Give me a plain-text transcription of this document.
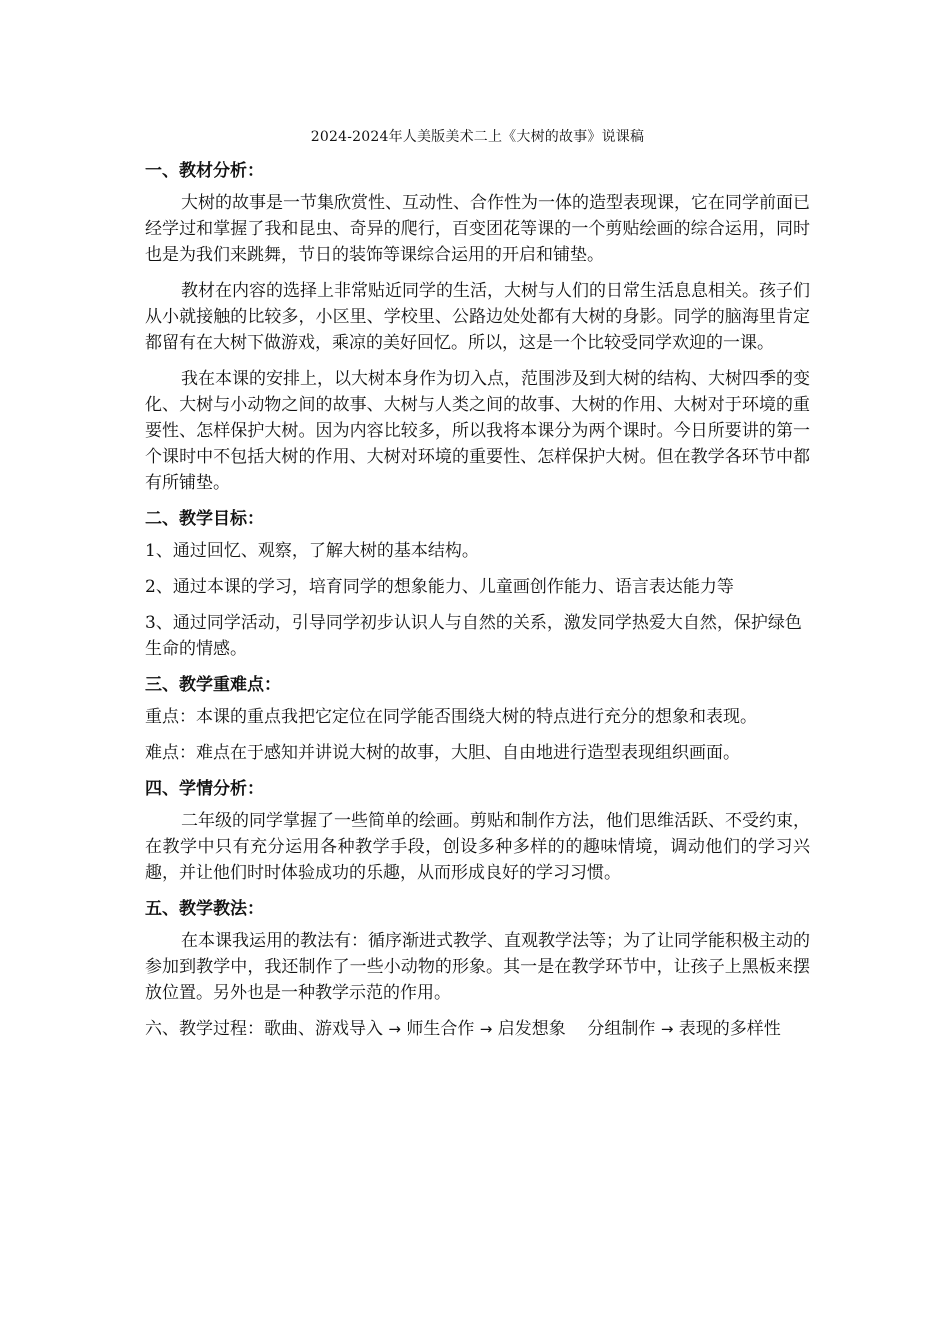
2024-2024年人美版美术二上《大树的故事》说课稿
一、教材分析：

大树的故事是一节集欣赏性、互动性、合作性为一体的造型表现课，它在同学前面已经学过和掌握了我和昆虫、奇异的爬行，百变团花等课的一个剪贴绘画的综合运用，同时也是为我们来跳舞，节日的装饰等课综合运用的开启和铺垫。

教材在内容的选择上非常贴近同学的生活，大树与人们的日常生活息息相关。孩子们从小就接触的比较多，小区里、学校里、公路边处处都有大树的身影。同学的脑海里肯定都留有在大树下做游戏，乘凉的美好回忆。所以，这是一个比较受同学欢迎的一课。

我在本课的安排上，以大树本身作为切入点，范围涉及到大树的结构、大树四季的变化、大树与小动物之间的故事、大树与人类之间的故事、大树的作用、大树对于环境的重要性、怎样保护大树。因为内容比较多，所以我将本课分为两个课时。今日所要讲的第一个课时中不包括大树的作用、大树对环境的重要性、怎样保护大树。但在教学各环节中都有所铺垫。

二、教学目标：

1、通过回忆、观察，了解大树的基本结构。

2、通过本课的学习，培育同学的想象能力、儿童画创作能力、语言表达能力等

3、通过同学活动，引导同学初步认识人与自然的关系，激发同学热爱大自然，保护绿色生命的情感。

三、教学重难点：

重点：本课的重点我把它定位在同学能否围绕大树的特点进行充分的想象和表现。

难点：难点在于感知并讲说大树的故事，大胆、自由地进行造型表现组织画面。

四、学情分析：

二年级的同学掌握了一些简单的绘画。剪贴和制作方法，他们思维活跃、不受约束，在教学中只有充分运用各种教学手段，创设多种多样的的趣味情境，调动他们的学习兴趣，并让他们时时体验成功的乐趣，从而形成良好的学习习惯。

五、教学教法：

在本课我运用的教法有：循序渐进式教学、直观教学法等；为了让同学能积极主动的参加到教学中，我还制作了一些小动物的形象。其一是在教学环节中，让孩子上黑板来摆放位置。另外也是一种教学示范的作用。

六、教学过程：歌曲、游戏导入 → 师生合作 → 启发想象 分组制作 → 表现的多样性
